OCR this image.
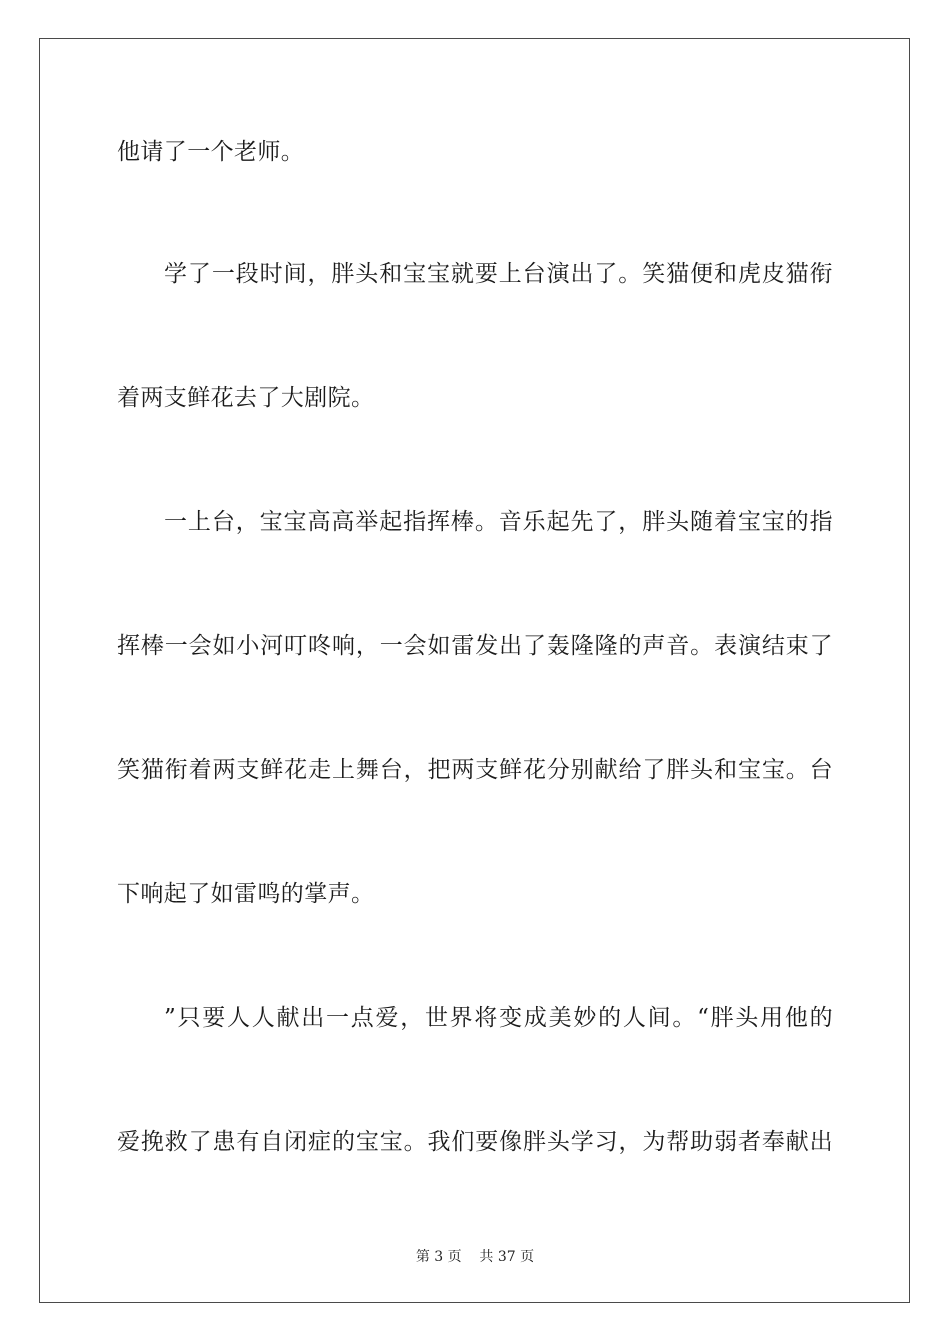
他请了一个老师。
学了一段时间，胖头和宝宝就要上台演出了。笑猫便和虎皮猫衔
着两支鲜花去了大剧院。
一上台，宝宝高高举起指挥棒。音乐起先了，胖头随着宝宝的指
挥棒一会如小河叮咚响，一会如雷发出了轰隆隆的声音。表演结束了
笑猫衔着两支鲜花走上舞台，把两支鲜花分别献给了胖头和宝宝。台
下响起了如雷鸣的掌声。
”只要人人献出一点爱，世界将变成美妙的人间。“胖头用他的
爱挽救了患有自闭症的宝宝。我们要像胖头学习，为帮助弱者奉献出
第 3 页    共 37 页
